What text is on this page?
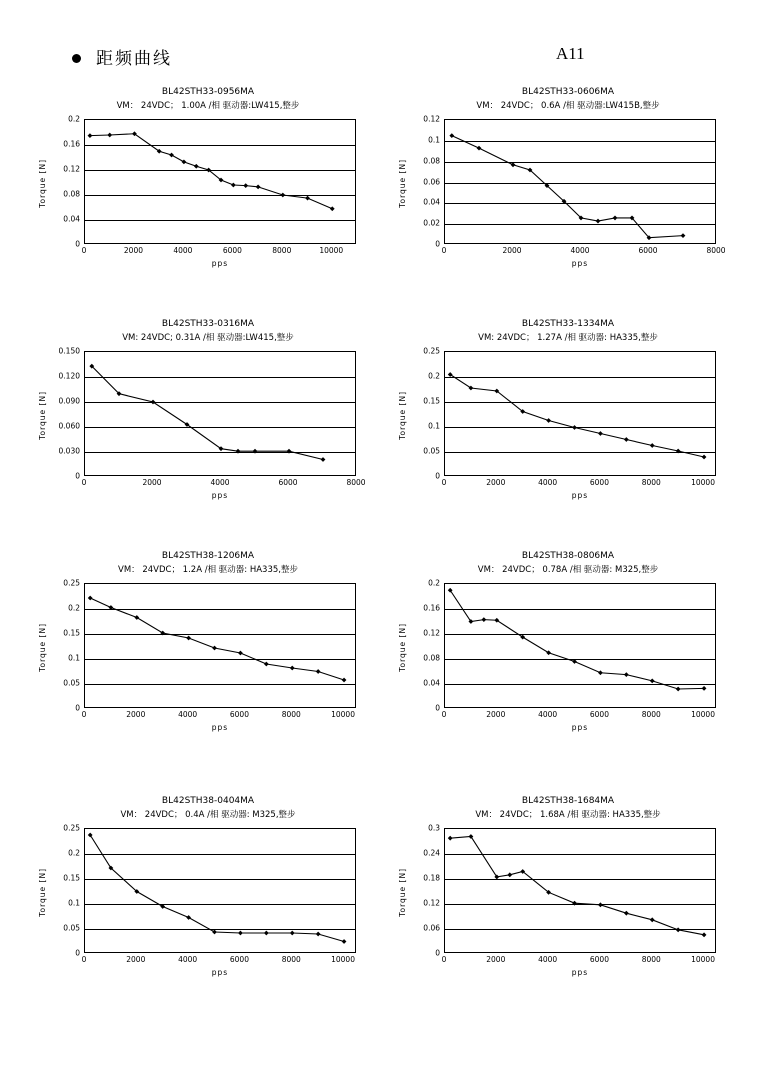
距频曲线	A11
BL42STH33-0956MA
VM： 24VDC； 1.00A /相 驱动器:LW415,整步
Torque [N]
0
0.04
0.08
0.12
0.16
0.2
0	2000	4000	6000	8000	10000
pps
BL42STH33-0606MA
VM： 24VDC； 0.6A /相 驱动器:LW415B,整步
Torque [N]
0
0.02
0.04
0.06
0.08
0.1
0.12
0	2000	4000	6000	8000
pps
BL42STH33-0316MA
VM: 24VDC; 0.31A /相 驱动器:LW415,整步
Torque [N]
0
0.030
0.060
0.090
0.120
0.150
0	2000	4000	6000	8000
pps
BL42STH33-1334MA
VM: 24VDC； 1.27A /相 驱动器: HA335,整步
Torque [N]
0
0.05
0.1
0.15
0.2
0.25
0	2000	4000	6000	8000	10000
pps
BL42STH38-1206MA
VM： 24VDC； 1.2A /相 驱动器: HA335,整步
Torque [N]
0
0.05
0.1
0.15
0.2
0.25
0	2000	4000	6000	8000	10000
pps
BL42STH38-0806MA
VM： 24VDC； 0.78A /相 驱动器: M325,整步
Torque [N]
0
0.04
0.08
0.12
0.16
0.2
0	2000	4000	6000	8000	10000
pps
BL42STH38-0404MA
VM： 24VDC； 0.4A /相 驱动器: M325,整步
Torque [N]
0
0.05
0.1
0.15
0.2
0.25
0	2000	4000	6000	8000	10000
pps
BL42STH38-1684MA
VM： 24VDC； 1.68A /相 驱动器: HA335,整步
Torque [N]
0
0.06
0.12
0.18
0.24
0.3
0	2000	4000	6000	8000	10000
pps
